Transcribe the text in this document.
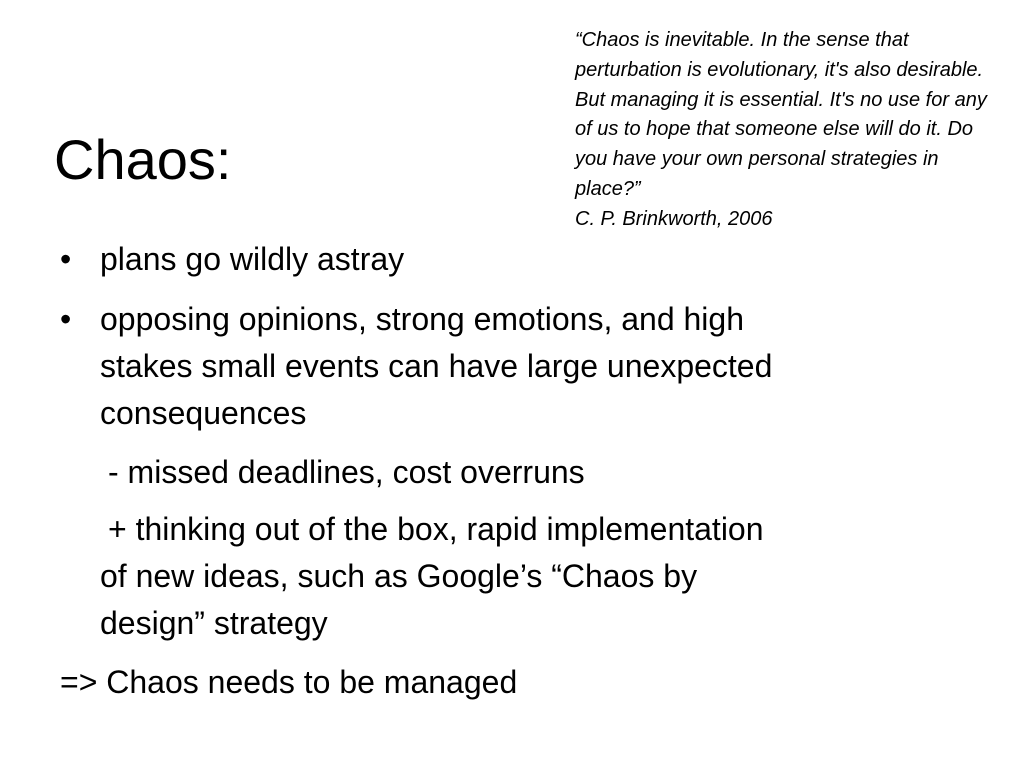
Chaos:

“Chaos is inevitable. In the sense that perturbation is evolutionary, it's also desirable. But managing it is essential. It's no use for any of us to hope that someone else will do it. Do you have your own personal strategies in place?”

C. P. Brinkworth, 2006

• plans go wildly astray
• opposing opinions, strong emotions, and high
stakes small events can have large unexpected
consequences
- missed deadlines, cost overruns
+ thinking out of the box, rapid implementation
of new ideas, such as Google’s “Chaos by
design” strategy
=> Chaos needs to be managed
